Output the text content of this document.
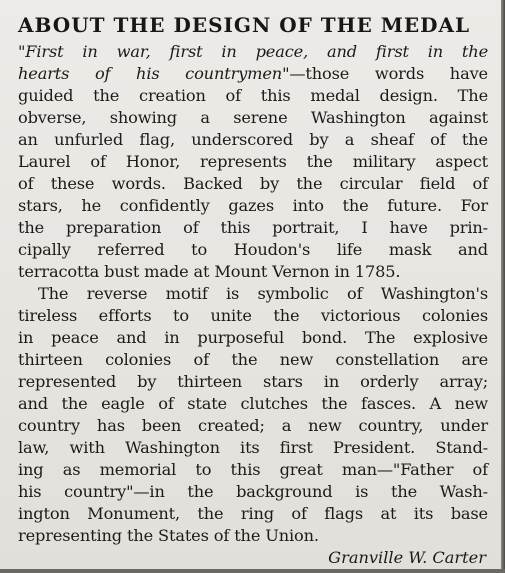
ABOUT THE DESIGN OF THE MEDAL
"First in war, first in peace, and first in the
hearts of his countrymen"—those words have
guided the creation of this medal design. The
obverse, showing a serene Washington against
an unfurled flag, underscored by a sheaf of the
Laurel of Honor, represents the military aspect
of these words. Backed by the circular field of
stars, he confidently gazes into the future. For
the preparation of this portrait, I have prin-
cipally referred to Houdon's life mask and
terracotta bust made at Mount Vernon in 1785.
The reverse motif is symbolic of Washington's
tireless efforts to unite the victorious colonies
in peace and in purposeful bond. The explosive
thirteen colonies of the new constellation are
represented by thirteen stars in orderly array;
and the eagle of state clutches the fasces. A new
country has been created; a new country, under
law, with Washington its first President. Stand-
ing as memorial to this great man—"Father of
his country"—in the background is the Wash-
ington Monument, the ring of flags at its base
representing the States of the Union.
Granville W. Carter
